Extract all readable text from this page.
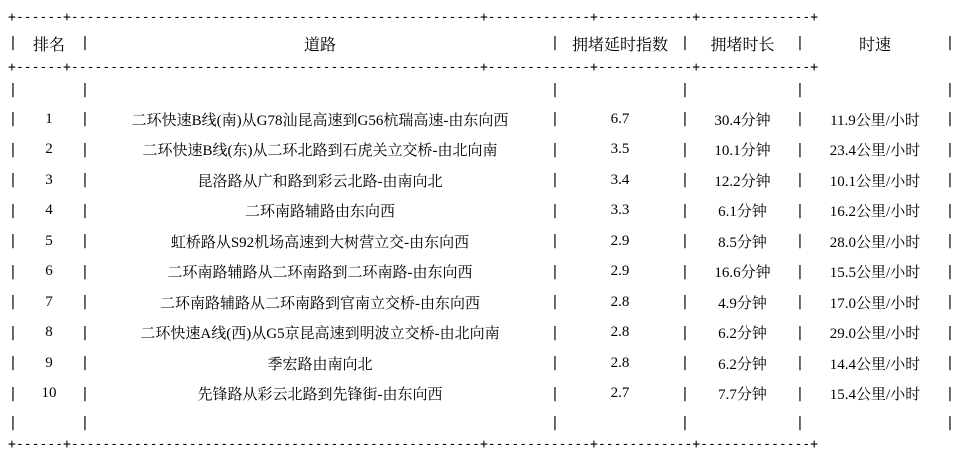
+------+----------------------------------------------------+-------------+------------+--------------+
|	排名	|	道路	|	拥堵延时指数	|	拥堵时长	|	时速	|
+------+----------------------------------------------------+-------------+------------+--------------+
|		|		|		|		|		|
|	1	|	二环快速B线(南)从G78汕昆高速到G56杭瑞高速-由东向西	|	6.7	|	30.4分钟	|	11.9公里/小时	|
|	2	|	二环快速B线(东)从二环北路到石虎关立交桥-由北向南	|	3.5	|	10.1分钟	|	23.4公里/小时	|
|	3	|	昆洛路从广和路到彩云北路-由南向北	|	3.4	|	12.2分钟	|	10.1公里/小时	|
|	4	|	二环南路辅路由东向西	|	3.3	|	6.1分钟	|	16.2公里/小时	|
|	5	|	虹桥路从S92机场高速到大树营立交-由东向西	|	2.9	|	8.5分钟	|	28.0公里/小时	|
|	6	|	二环南路辅路从二环南路到二环南路-由东向西	|	2.9	|	16.6分钟	|	15.5公里/小时	|
|	7	|	二环南路辅路从二环南路到官南立交桥-由东向西	|	2.8	|	4.9分钟	|	17.0公里/小时	|
|	8	|	二环快速A线(西)从G5京昆高速到明波立交桥-由北向南	|	2.8	|	6.2分钟	|	29.0公里/小时	|
|	9	|	季宏路由南向北	|	2.8	|	6.2分钟	|	14.4公里/小时	|
|	10	|	先锋路从彩云北路到先锋街-由东向西	|	2.7	|	7.7分钟	|	15.4公里/小时	|
|		|		|		|		|		|
+------+----------------------------------------------------+-------------+------------+--------------+
